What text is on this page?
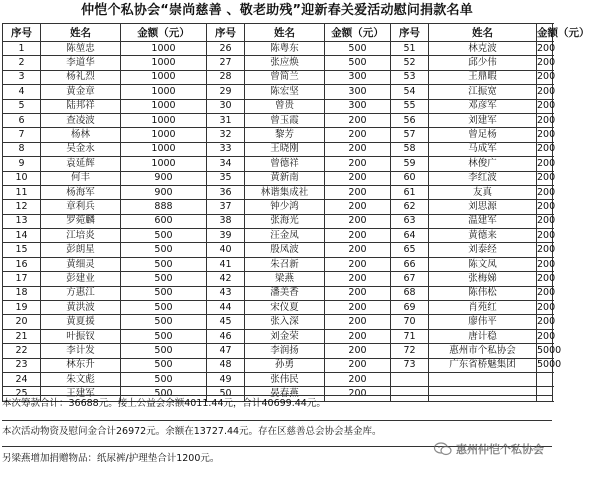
仲恺个私协会“崇尚慈善 、敬老助残”迎新春关爱活动慰问捐款名单
序号	姓名	金额（元）	序号	姓名	金额（元）	序号	姓名	金额（元）
1	陈堃忠	1000	26	陈粤东	500	51	林克波	200
2	李道华	1000	27	张应焕	500	52	邱少伟	200
3	杨礼烈	1000	28	曾简兰	300	53	王鼎暇	200
4	黄金章	1000	29	陈宏坚	300	54	江振宽	200
5	陆邦祥	1000	30	曾贵	300	55	邓彦军	200
6	查凌波	1000	31	曾玉霞	200	56	刘建军	200
7	杨林	1000	32	黎芳	200	57	曾足杨	200
8	吴金永	1000	33	王晓刚	200	58	马成军	200
9	袁延辉	1000	34	曾德祥	200	59	林俊广	200
10	何丰	900	35	黄新南	200	60	李红波	200
11	杨海军	900	36	林谐集成社	200	61	友真	200
12	章利兵	888	37	钟少鸿	200	62	刘思源	200
13	罗菀麟	600	38	张海光	200	63	温建军	200
14	江培炎	500	39	汪金凤	200	64	黄德来	200
15	彭朗星	500	40	殷凤波	200	65	刘泰经	200
16	黄细灵	500	41	朱召新	200	66	陈文凤	200
17	彭建业	500	42	梁燕	200	67	张梅娣	200
18	方惠江	500	43	潘美香	200	68	陈伟松	200
19	黄洪波	500	44	宋仪夏	200	69	肖苑红	200
20	黄夏援	500	45	张入深	200	70	廖伟平	200
21	叶振钗	500	46	刘金荣	200	71	唐计稳	200
22	李计发	500	47	李润扬	200	72	惠州市个私协会	5000
23	林东升	500	48	孙勇	200	73	广东省桥魅集团	5000
24	朱文彪	500	49	张伟民	200			
25	王建军	500	50	晏春燕	200			
本次筹款合计：36688元。接上公益会余额4011.44元，合计40699.44元。
本次活动物资及慰问金合计26972元。余额在13727.44元。存在区慈善总会协会基金库。
另梁燕增加捐赠物品：纸尿裤/护理垫合计1200元。
惠州仲恺个私协会
